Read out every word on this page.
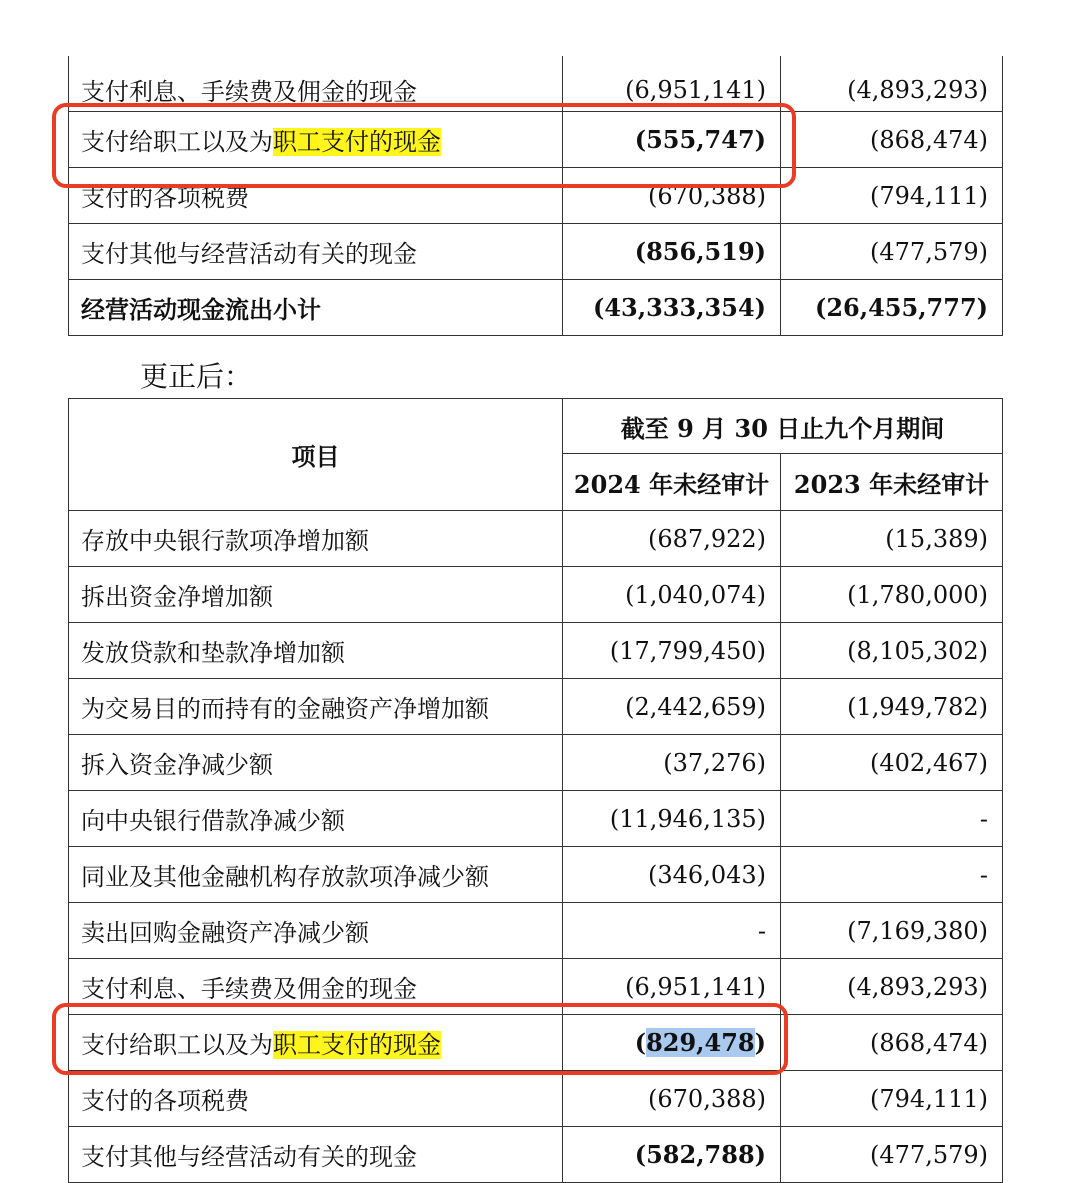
支付利息、手续费及佣金的现金	(6,951,141)	(4,893,293)
支付给职工以及为职工支付的现金	(555,747)	(868,474)
支付的各项税费	(670,388)	(794,111)
支付其他与经营活动有关的现金	(856,519)	(477,579)
经营活动现金流出小计	(43,333,354)	(26,455,777)
更正后：
项目	截至 9 月 30 日止九个月期间	
	2024 年未经审计	2023 年未经审计
存放中央银行款项净增加额	(687,922)	(15,389)
拆出资金净增加额	(1,040,074)	(1,780,000)
发放贷款和垫款净增加额	(17,799,450)	(8,105,302)
为交易目的而持有的金融资产净增加额	(2,442,659)	(1,949,782)
拆入资金净减少额	(37,276)	(402,467)
向中央银行借款净减少额	(11,946,135)	-
同业及其他金融机构存放款项净减少额	(346,043)	-
卖出回购金融资产净减少额	-	(7,169,380)
支付利息、手续费及佣金的现金	(6,951,141)	(4,893,293)
支付给职工以及为职工支付的现金	(829,478)	(868,474)
支付的各项税费	(670,388)	(794,111)
支付其他与经营活动有关的现金	(582,788)	(477,579)
